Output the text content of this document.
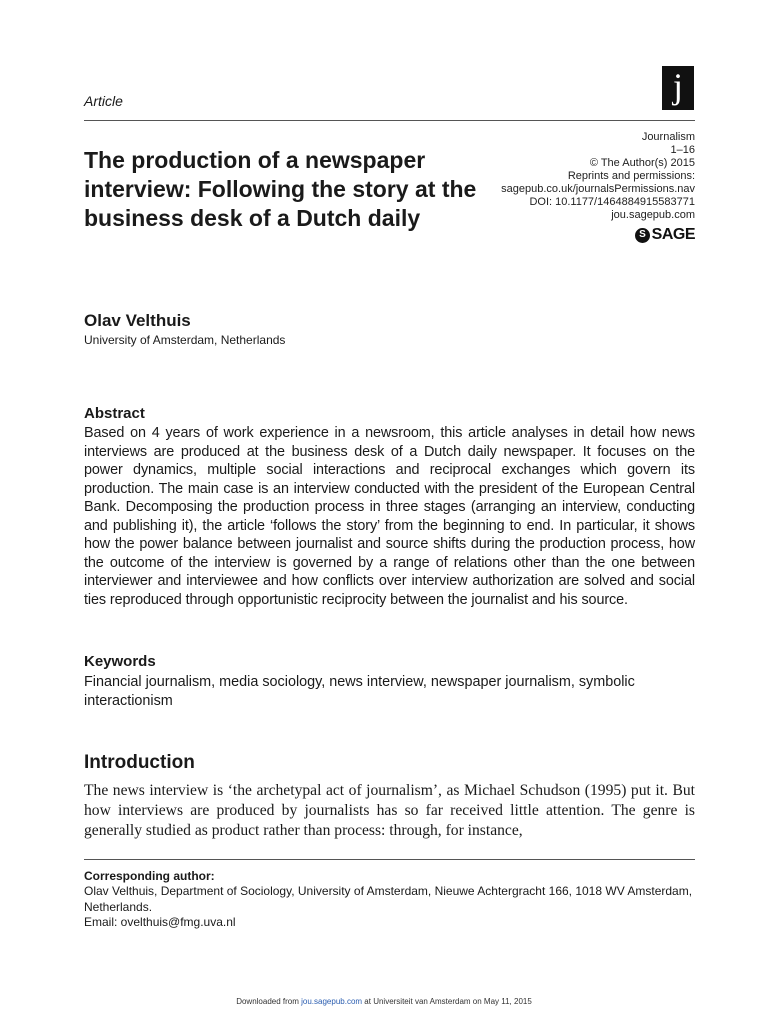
j
Article
The production of a newspaper interview: Following the story at the business desk of a Dutch daily
Journalism
1–16
© The Author(s) 2015
Reprints and permissions:
sagepub.co.uk/journalsPermissions.nav
DOI: 10.1177/1464884915583771
jou.sagepub.com
S SAGE
Olav Velthuis
University of Amsterdam, Netherlands
Abstract

Based on 4 years of work experience in a newsroom, this article analyses in detail how news interviews are produced at the business desk of a Dutch daily newspaper. It focuses on the power dynamics, multiple social interactions and reciprocal exchanges which govern its production. The main case is an interview conducted with the president of the European Central Bank. Decomposing the production process in three stages (arranging an interview, conducting and publishing it), the article ‘follows the story’ from the beginning to end. In particular, it shows how the power balance between journalist and source shifts during the production process, how the outcome of the interview is governed by a range of relations other than the one between interviewer and interviewee and how conflicts over interview authorization are solved and social ties reproduced through opportunistic reciprocity between the journalist and his source.

Keywords

Financial journalism, media sociology, news interview, newspaper journalism, symbolic interactionism

Introduction

The news interview is ‘the archetypal act of journalism’, as Michael Schudson (1995) put it. But how interviews are produced by journalists has so far received little attention. The genre is generally studied as product rather than process: through, for instance,

Corresponding author:
Olav Velthuis, Department of Sociology, University of Amsterdam, Nieuwe Achtergracht 166, 1018 WV Amsterdam, Netherlands.
Email: ovelthuis@fmg.uva.nl
Downloaded from jou.sagepub.com at Universiteit van Amsterdam on May 11, 2015
